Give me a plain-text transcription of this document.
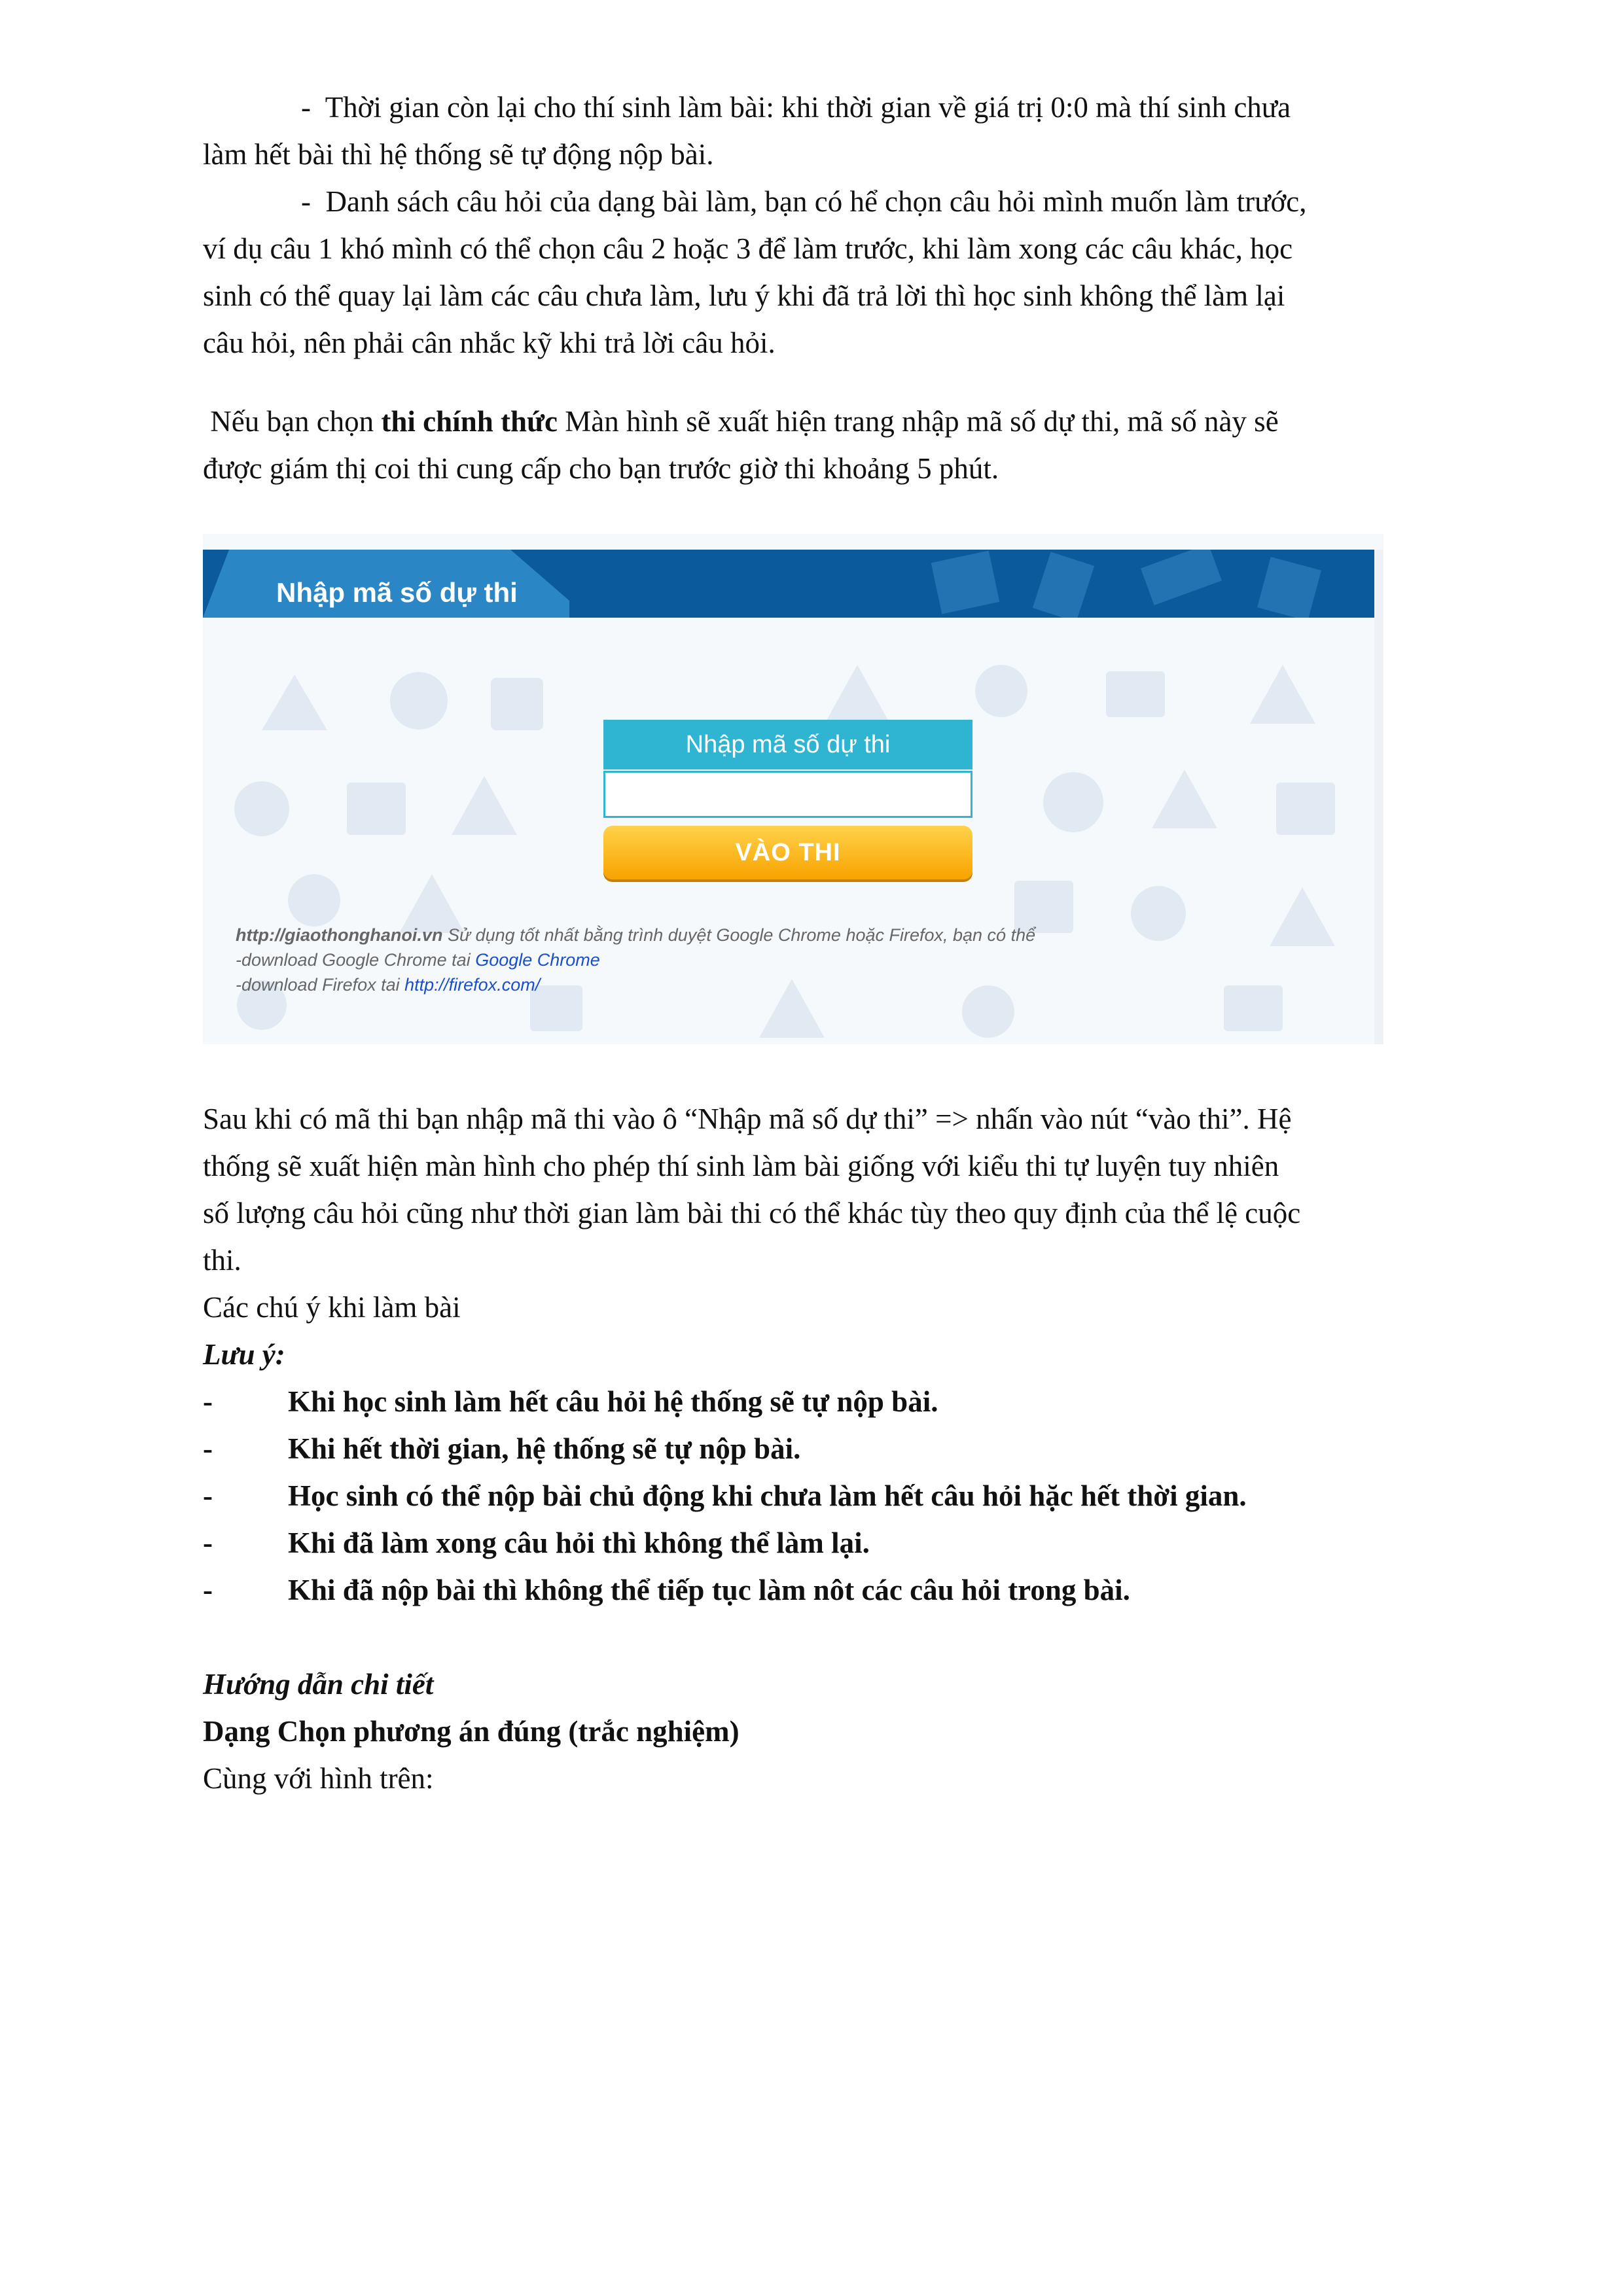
- Thời gian còn lại cho thí sinh làm bài: khi thời gian về giá trị 0:0 mà thí sinh chưa
làm hết bài thì hệ thống sẽ tự động nộp bài.
- Danh sách câu hỏi của dạng bài làm, bạn có hể chọn câu hỏi mình muốn làm trước,
ví dụ câu 1 khó mình có thể chọn câu 2 hoặc 3 để làm trước, khi làm xong các câu khác, học
sinh có thể quay lại làm các câu chưa làm, lưu ý khi đã trả lời thì học sinh không thể làm lại
câu hỏi, nên phải cân nhắc kỹ khi trả lời câu hỏi.
Nếu bạn chọn thi chính thức Màn hình sẽ xuất hiện trang nhập mã số dự thi, mã số này sẽ
được giám thị coi thi cung cấp cho bạn trước giờ thi khoảng 5 phút.
Nhập mã số dự thi
Nhập mã số dự thi
VÀO THI
http://giaothonghanoi.vn Sử dụng tốt nhất bằng trình duyệt Google Chrome hoặc Firefox, bạn có thể
-download Google Chrome tai Google Chrome
-download Firefox tai http://firefox.com/
Sau khi có mã thi bạn nhập mã thi vào ô “Nhập mã số dự thi” => nhấn vào nút “vào thi”. Hệ
thống sẽ xuất hiện màn hình cho phép thí sinh làm bài giống với kiểu thi tự luyện tuy nhiên
số lượng câu hỏi cũng như thời gian làm bài thi có thể khác tùy theo quy định của thể lệ cuộc
thi.
Các chú ý khi làm bài
Lưu ý:
-	Khi học sinh làm hết câu hỏi hệ thống sẽ tự nộp bài.
-	Khi hết thời gian, hệ thống sẽ tự nộp bài.
-	Học sinh có thể nộp bài chủ động khi chưa làm hết câu hỏi hặc hết thời gian.
-	Khi đã làm xong câu hỏi thì không thể làm lại.
-	Khi đã nộp bài thì không thể tiếp tục làm nôt các câu hỏi trong bài.
Hướng dẫn chi tiết
Dạng Chọn phương án đúng (trắc nghiệm)
Cùng với hình trên:
